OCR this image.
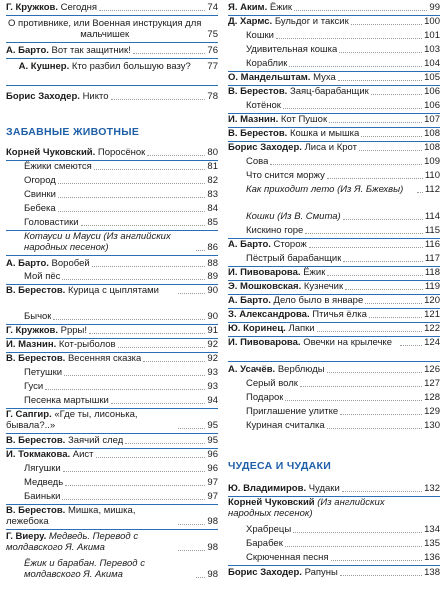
Г. Кружков. Сегодня	74
О противнике, или Военная инструкция для мальчишек	75
А. Барто. Вот так защитник!	76
А. Кушнер. Кто разбил большую вазу?	77
Борис Заходер. Никто	78
ЗАБАВНЫЕ ЖИВОТНЫЕ
Корней Чуковский. Поросёнок	80
Ёжики смеются	81
Огород	82
Свинки	83
Бебека	84
Головастики	85
Котауси и Мауси (Из английских народных песенок)	86
А. Барто. Воробей	88
Мой пёс	89
В. Берестов. Курица с цыплятами	90
Бычок	90
Г. Кружков. Ррры!	91
И. Мазнин. Кот-рыболов	92
В. Берестов. Весенняя сказка	92
Петушки	93
Гуси	93
Песенка мартышки	94
Г. Сапгир. «Где ты, лисонька, бывала?..»	95
В. Берестов. Заячий след	95
И. Токмакова. Аист	96
Лягушки	96
Медведь	97
Баиньки	97
В. Берестов. Мишка, мишка, лежебока	98
Г. Виеру. Медведь. Перевод с молдавского Я. Акима	98
Ёжик и барабан. Перевод с молдавского Я. Акима	98
Я. Аким. Ёжик	99
Д. Хармс. Бульдог и таксик	100
Кошки	101
Удивительная кошка	103
Кораблик	104
О. Мандельштам. Муха	105
В. Берестов. Заяц-барабанщик	106
Котёнок	106
И. Мазнин. Кот Пушок	107
В. Берестов. Кошка и мышка	108
Борис Заходер. Лиса и Крот	108
Сова	109
Что снится моржу	110
Как приходит лето (Из Я. Бжехвы)	112
Кошки (Из В. Смита)	114
Кискино горе	115
А. Барто. Сторож	116
Пёстрый барабанщик	117
И. Пивоварова. Ёжик	118
Э. Мошковская. Кузнечик	119
А. Барто. Дело было в январе	120
З. Александрова. Птичья ёлка	121
Ю. Коринец. Лапки	122
И. Пивоварова. Овечки на крылечке	124
А. Усачёв. Верблюды	126
Серый волк	127
Подарок	128
Приглашение улитке	129
Куриная считалка	130
ЧУДЕСА И ЧУДАКИ
Ю. Владимиров. Чудаки	132
Корней Чуковский (Из английских народных песенок)
Храбрецы	134
Барабек	135
Скрюченная песня	136
Борис Заходер. Рапуны	138
